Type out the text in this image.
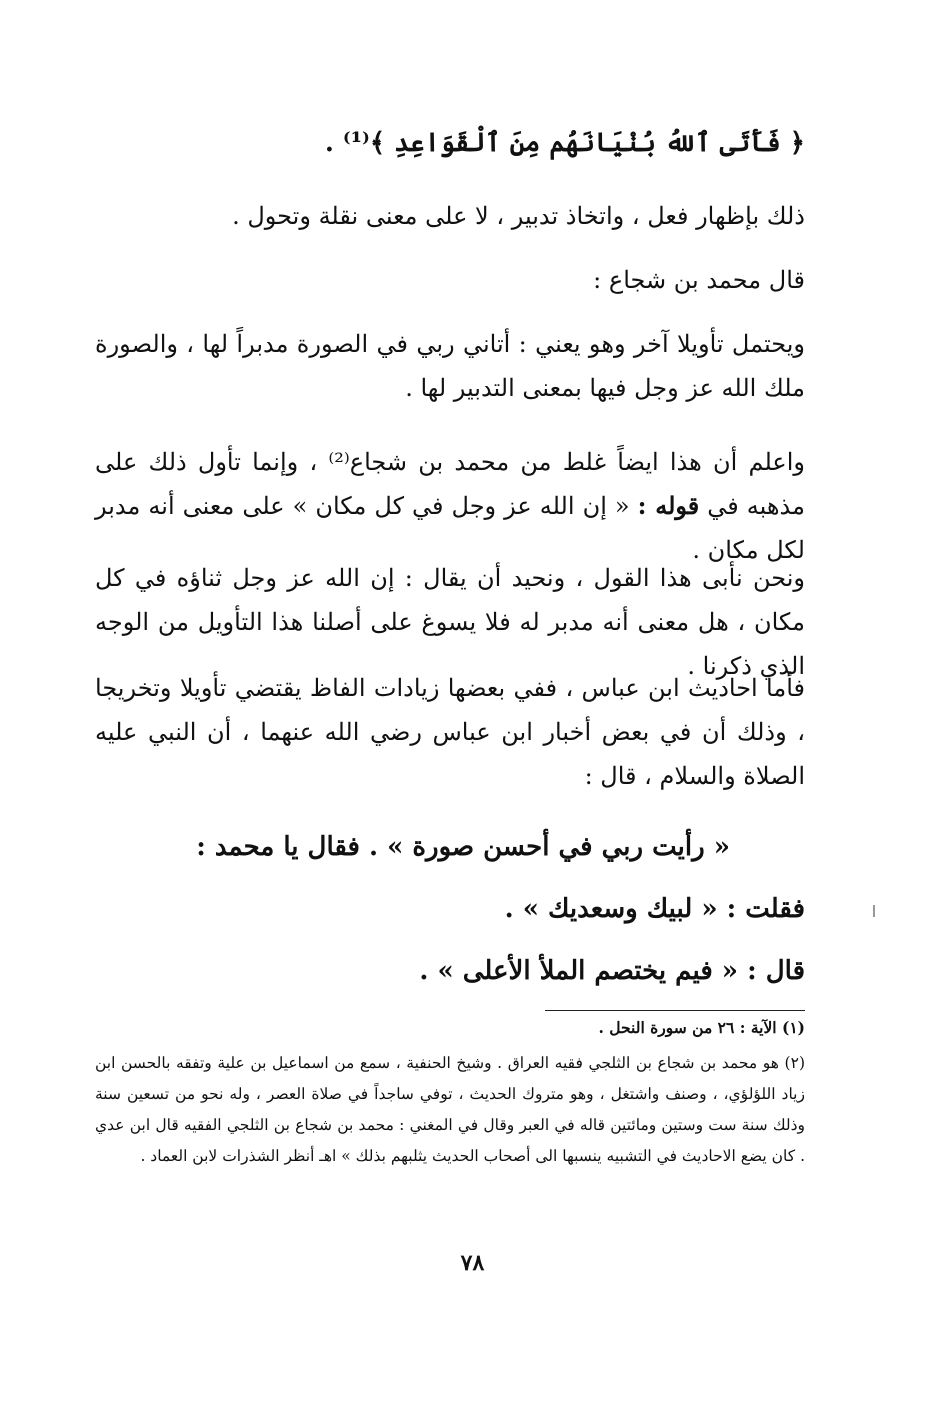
﴿ فَأَتَى ٱللهُ بُنْيَانَهُم مِنَ ٱلْقَوَاعِدِ ﴾⁽¹⁾ .
ذلك بإظهار فعل ، واتخاذ تدبير ، لا على معنى نقلة وتحول .
قال محمد بن شجاع :
ويحتمل تأويلا آخر وهو يعني : أتاني ربي في الصورة مدبراً لها ، والصورة ملك الله عز وجل فيها بمعنى التدبير لها .
واعلم أن هذا ايضاً غلط من محمد بن شجاع⁽²⁾ ، وإنما تأول ذلك على مذهبه في قوله : « إن الله عز وجل في كل مكان » على معنى أنه مدبر لكل مكان .
ونحن نأبى هذا القول ، ونحيد أن يقال : إن الله عز وجل ثناؤه في كل مكان ، هل معنى أنه مدبر له فلا يسوغ على أصلنا هذا التأويل من الوجه الذي ذكرنا .
فأما احاديث ابن عباس ، ففي بعضها زيادات الفاظ يقتضي تأويلا وتخريجا ، وذلك أن في بعض أخبار ابن عباس رضي الله عنهما ، أن النبي عليه الصلاة والسلام ، قال :
« رأيت ربي في أحسن صورة » . فقال يا محمد :
فقلت : « لبيك وسعديك » .
قال : « فيم يختصم الملأ الأعلى » .
(١) الآية : ٢٦ من سورة النحل .
(٢) هو محمد بن شجاع بن الثلجي فقيه العراق . وشيخ الحنفية ، سمع من اسماعيل بن علية وتفقه بالحسن ابن زياد اللؤلؤي، ، وصنف واشتغل ، وهو متروك الحديث ، توفي ساجداً في صلاة العصر ، وله نحو من تسعين سنة وذلك سنة ست وستين ومائتين قاله في العبر وقال في المغني : محمد بن شجاع بن الثلجي الفقيه قال ابن عدي . كان يضع الاحاديث في التشبيه ينسبها الى أصحاب الحديث يثلبهم بذلك » اهـ أنظر الشذرات لابن العماد .
٧٨
